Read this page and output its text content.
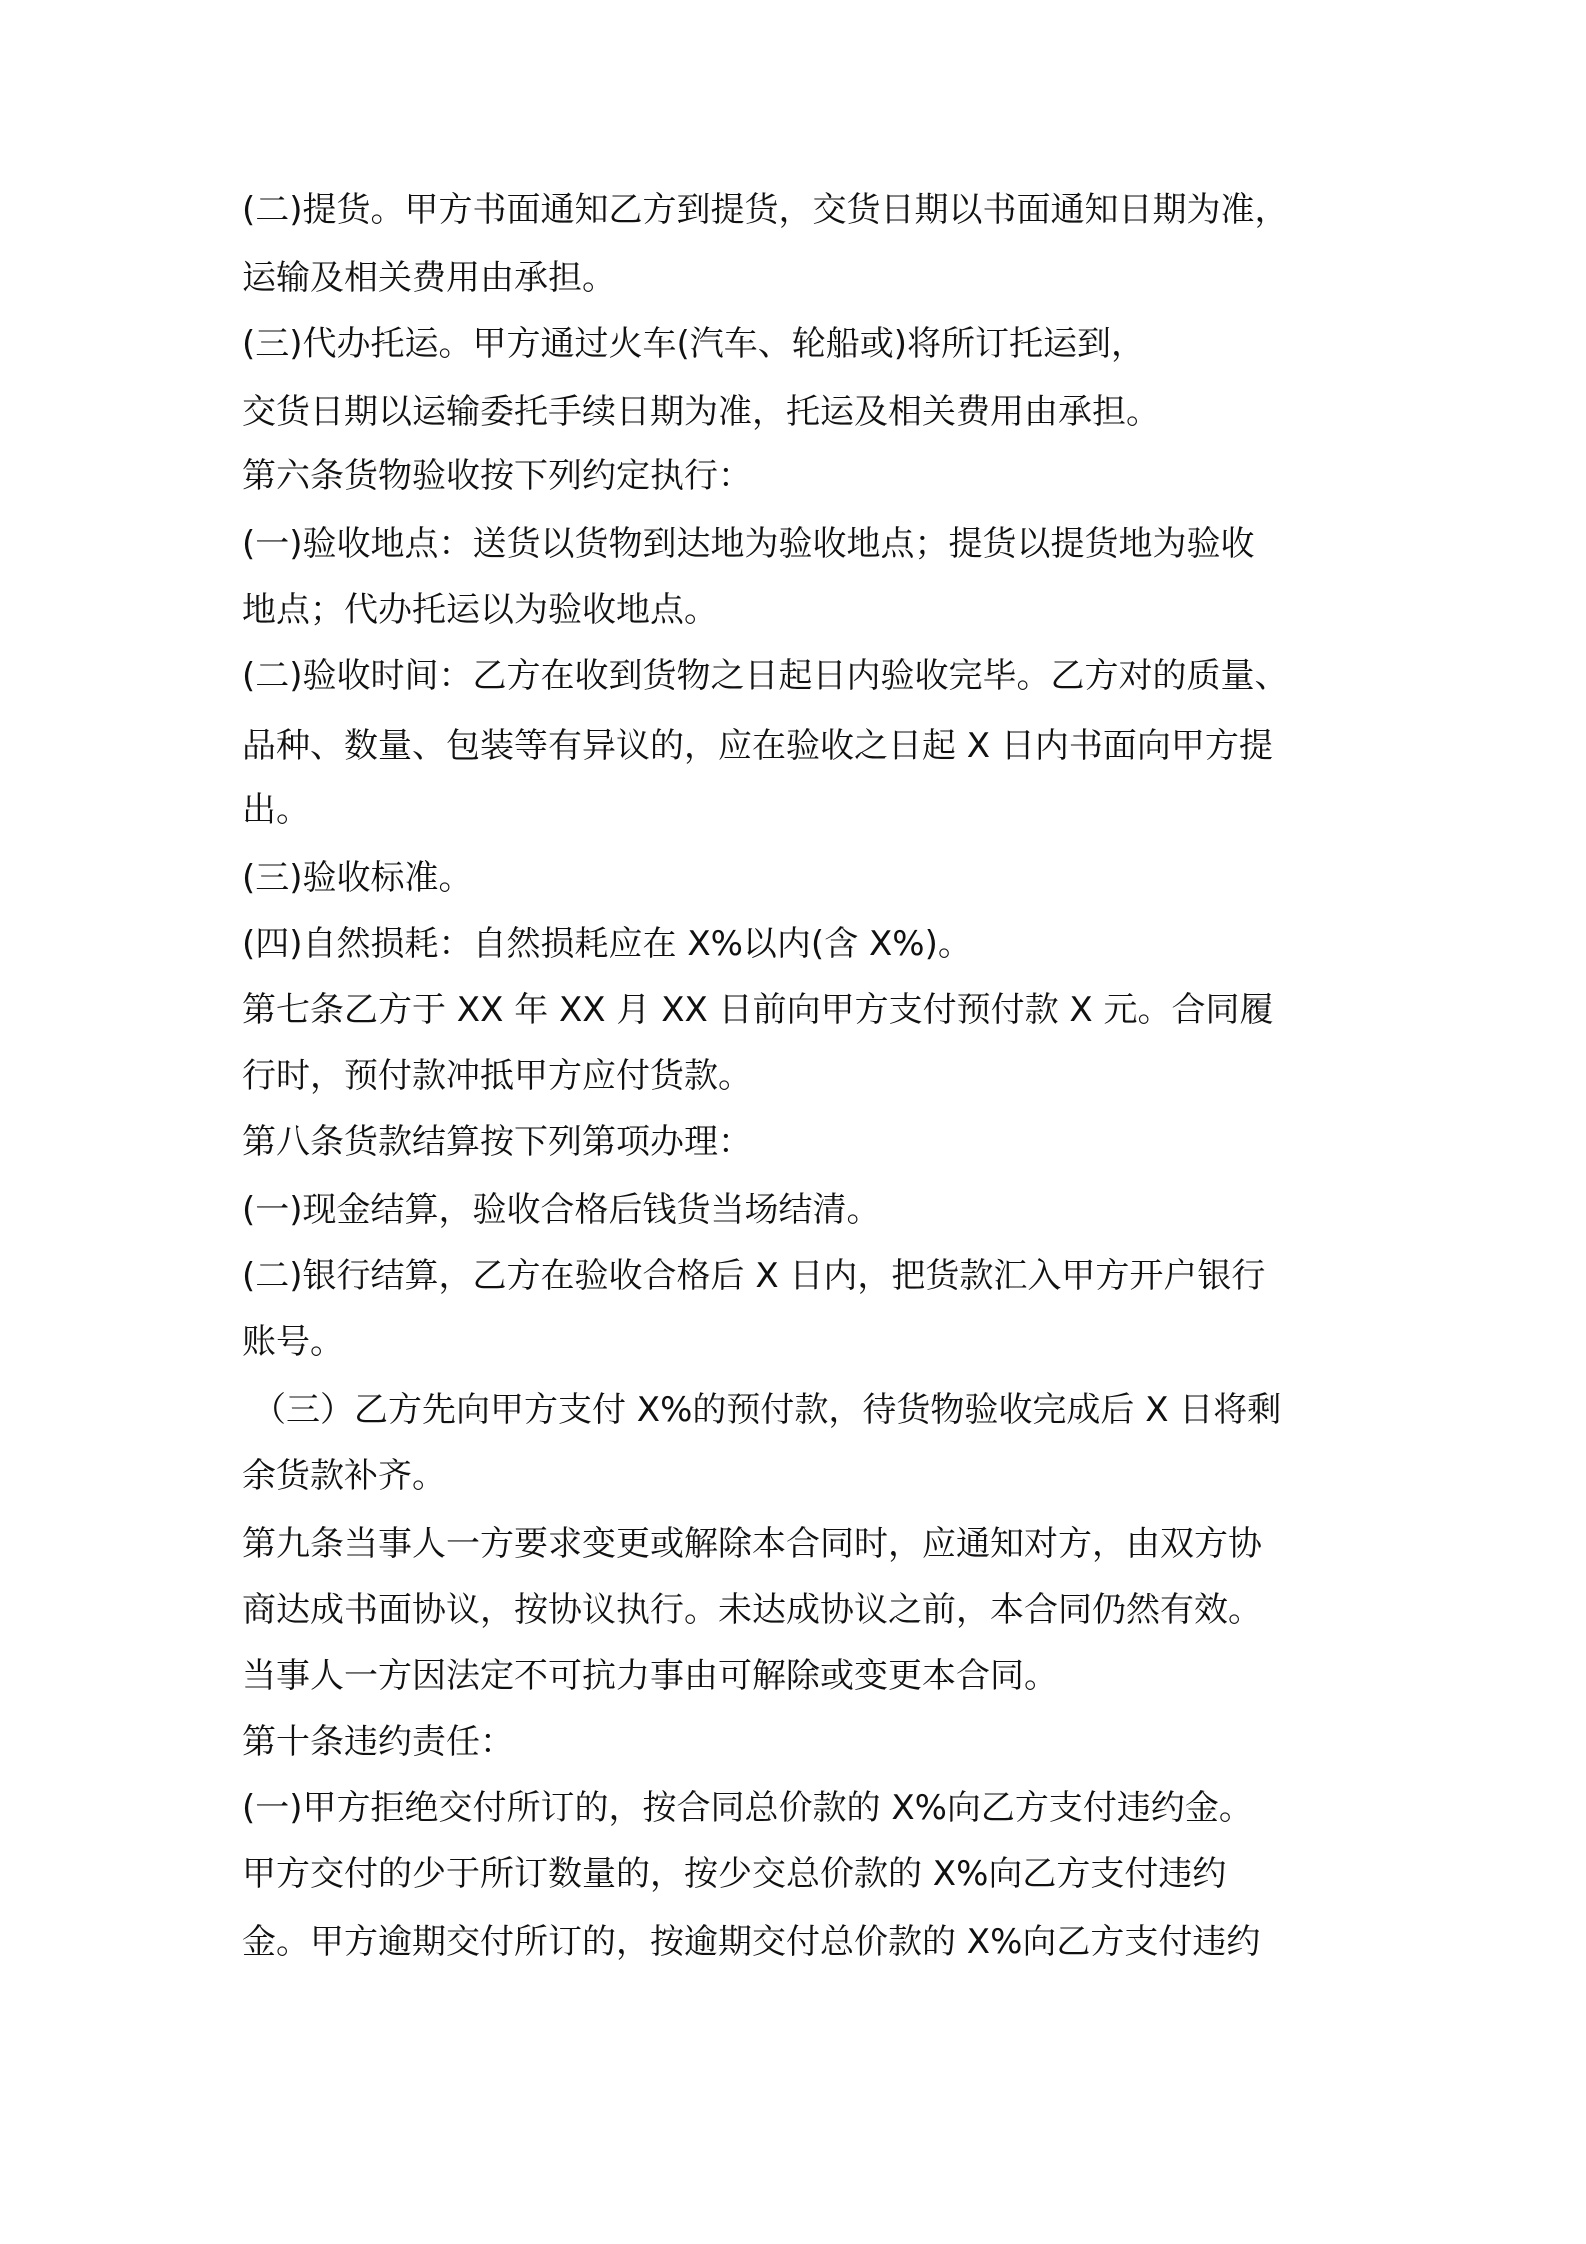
(二)提货。甲方书面通知乙方到提货，交货日期以书面通知日期为准，
运输及相关费用由承担。
(三)代办托运。甲方通过火车(汽车、轮船或)将所订托运到，
交货日期以运输委托手续日期为准，托运及相关费用由承担。
第六条货物验收按下列约定执行：
(一)验收地点：送货以货物到达地为验收地点；提货以提货地为验收
地点；代办托运以为验收地点。
(二)验收时间：乙方在收到货物之日起日内验收完毕。乙方对的质量、
品种、数量、包装等有异议的，应在验收之日起 X 日内书面向甲方提
出。
(三)验收标准。
(四)自然损耗：自然损耗应在 X%以内(含 X%)。
第七条乙方于 XX 年 XX 月 XX 日前向甲方支付预付款 X 元。合同履
行时，预付款冲抵甲方应付货款。
第八条货款结算按下列第项办理：
(一)现金结算，验收合格后钱货当场结清。
(二)银行结算，乙方在验收合格后 X 日内，把货款汇入甲方开户银行
账号。
（三）乙方先向甲方支付 X%的预付款，待货物验收完成后 X 日将剩
余货款补齐。
第九条当事人一方要求变更或解除本合同时，应通知对方，由双方协
商达成书面协议，按协议执行。未达成协议之前，本合同仍然有效。
当事人一方因法定不可抗力事由可解除或变更本合同。
第十条违约责任：
(一)甲方拒绝交付所订的，按合同总价款的 X%向乙方支付违约金。
甲方交付的少于所订数量的，按少交总价款的 X%向乙方支付违约
金。甲方逾期交付所订的，按逾期交付总价款的 X%向乙方支付违约
